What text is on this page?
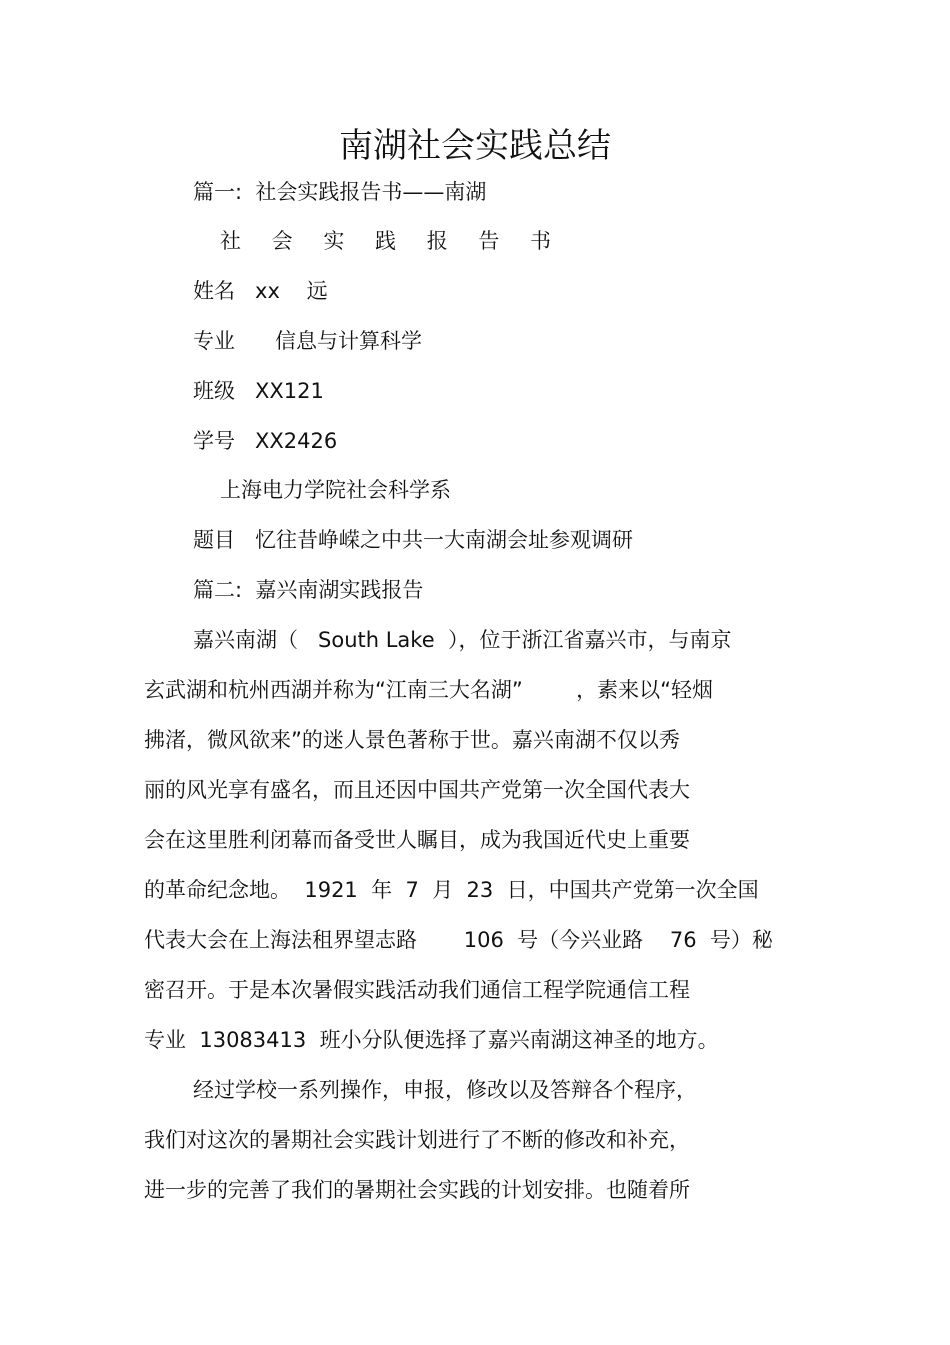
南湖社会实践总结
篇一:  社会实践报告书——南湖
社 会 实 践 报 告 书
姓名   xx    远
专业      信息与计算科学
班级   XX121
学号   XX2426
上海电力学院社会科学系
题目   忆往昔峥嵘之中共一大南湖会址参观调研
篇二:  嘉兴南湖实践报告
嘉兴南湖（   South Lake  ），位于浙江省嘉兴市，与南京
玄武湖和杭州西湖并称为“江南三大名湖”        ，素来以“轻烟
拂渚，微风欲来”的迷人景色著称于世。嘉兴南湖不仅以秀
丽的风光享有盛名，而且还因中国共产党第一次全国代表大
会在这里胜利闭幕而备受世人瞩目，成为我国近代史上重要
的革命纪念地。  1921  年  7  月  23  日，中国共产党第一次全国
代表大会在上海法租界望志路       106  号（今兴业路    76  号）秘
密召开。于是本次暑假实践活动我们通信工程学院通信工程
专业  13083413  班小分队便选择了嘉兴南湖这神圣的地方。
经过学校一系列操作，申报，修改以及答辩各个程序，
我们对这次的暑期社会实践计划进行了不断的修改和补充，
进一步的完善了我们的暑期社会实践的计划安排。也随着所
